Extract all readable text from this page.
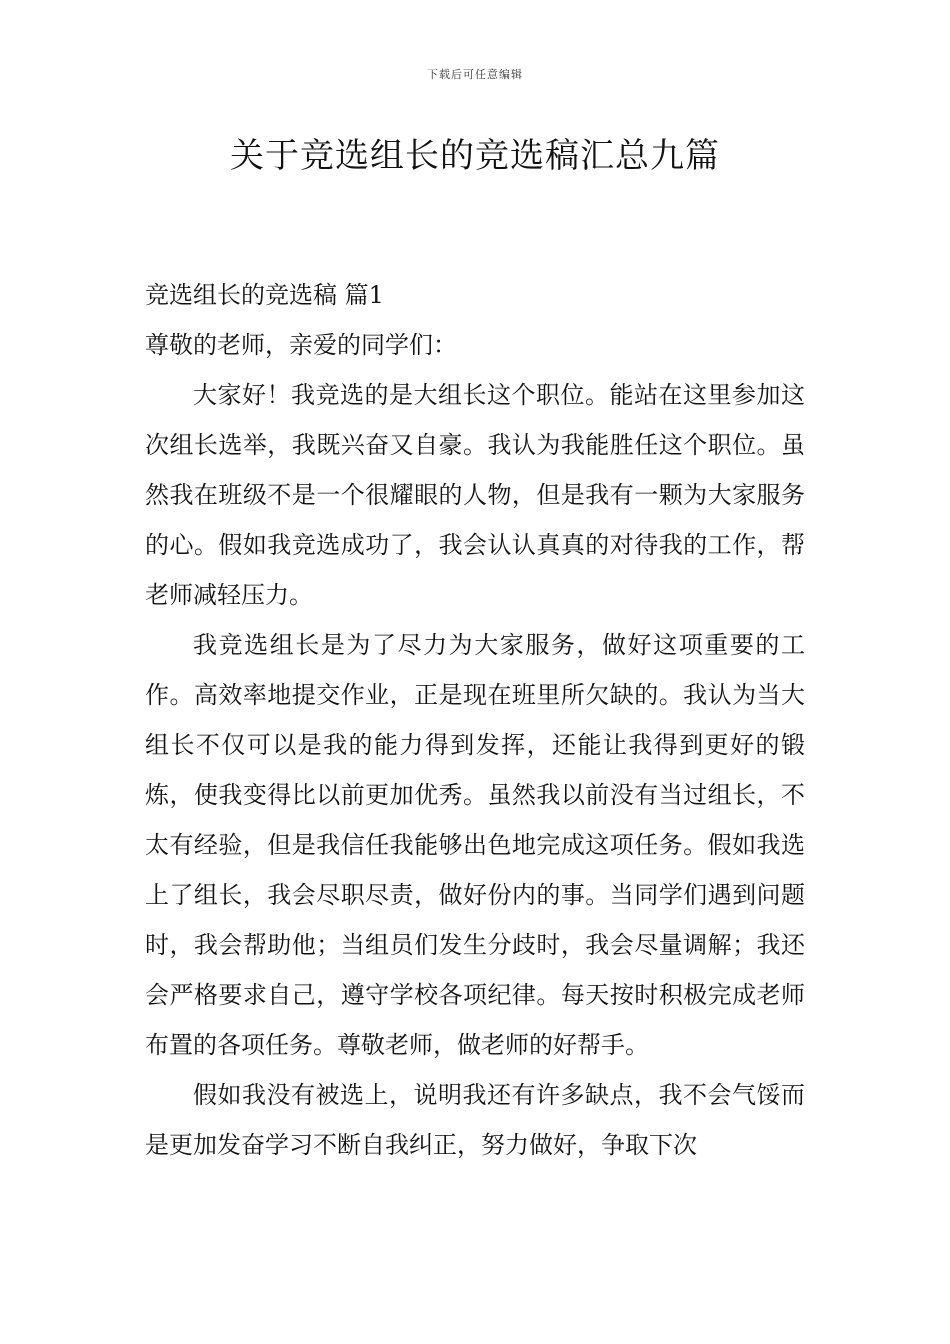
下载后可任意编辑
关于竞选组长的竞选稿汇总九篇

竞选组长的竞选稿 篇1

尊敬的老师，亲爱的同学们：

大家好！我竞选的是大组长这个职位。能站在这里参加这次组长选举，我既兴奋又自豪。我认为我能胜任这个职位。虽然我在班级不是一个很耀眼的人物，但是我有一颗为大家服务的心。假如我竞选成功了，我会认认真真的对待我的工作，帮老师减轻压力。

我竞选组长是为了尽力为大家服务，做好这项重要的工作。高效率地提交作业，正是现在班里所欠缺的。我认为当大组长不仅可以是我的能力得到发挥，还能让我得到更好的锻炼，使我变得比以前更加优秀。虽然我以前没有当过组长，不太有经验，但是我信任我能够出色地完成这项任务。假如我选上了组长，我会尽职尽责，做好份内的事。当同学们遇到问题时，我会帮助他；当组员们发生分歧时，我会尽量调解；我还会严格要求自己，遵守学校各项纪律。每天按时积极完成老师布置的各项任务。尊敬老师，做老师的好帮手。

假如我没有被选上，说明我还有许多缺点，我不会气馁而是更加发奋学习不断自我纠正，努力做好，争取下次
